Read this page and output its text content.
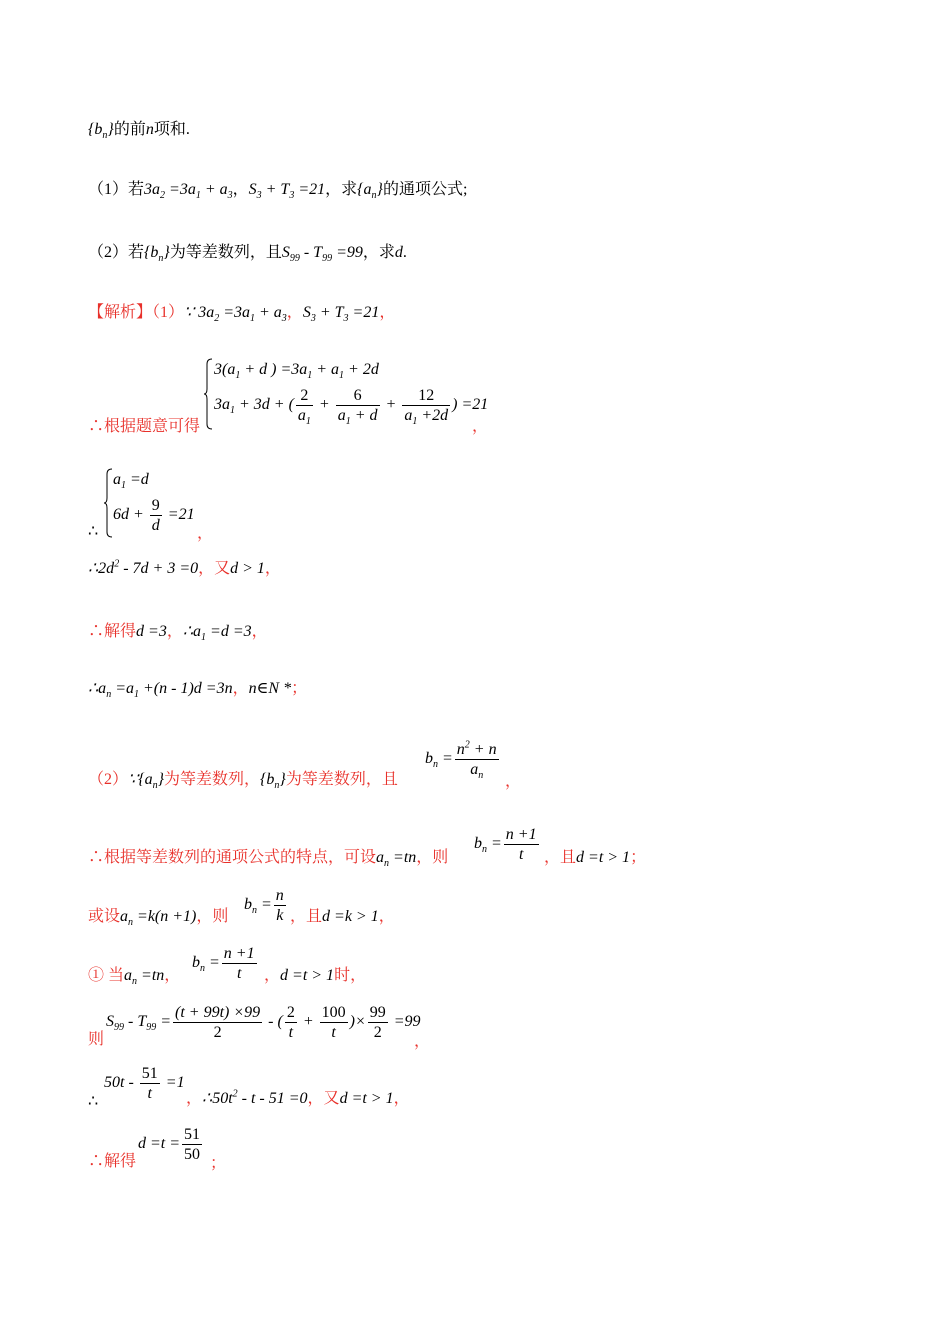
$\{b_n\}$的前n项和.
（1）若$3a_2 =3a_1 + a_3$，$S_3 + T_3 =21$，求$\{a_n\}$的通项公式;
（2）若$\{b_n\}$为等差数列，且$S_{99} - T_{99} =99$，求d.
【解析】（1）∵ $3a_2 =3a_1 + a_3$，$S_3 + T_3 =21$，
∴根据题意可得
$3(a_1 + d$ ) $=3a_1 + a_1 + 2d$
$3a_1 + 3d$ + ( $\frac{2}{a_1} + \frac{6}{a_1 + d} + \frac{12}{a_1 +2d}$ ) =21
，
∴
$a_1 =d$
$6d + \frac{9}{d} =21$
，
$\therefore 2d^2 - 7d + 3 =0$，又d > 1，
∴解得d =3，$\therefore a_1 =d =3$，
$\therefore a_n =a_1 +(n - 1)d =3n$，n∈N *；
$(2)\because\{a_n\}$为等差数列，$\{b_n\}$为等差数列，且
$b_n = \frac{n^2 + n}{a_n}$
，
∴根据等差数列的通项公式的特点，可设$a_n =tn$，则
$b_n = \frac{n +1}{t}$ ，且d =t > 1；
或设$a_n =k(n +1)$，则
$b_n = \frac{n}{k}$ ，且d =k > 1，
① 当$a_n =tn$，
$b_n = \frac{n +1}{t}$ ，d =t > 1时，
则
$S_{99} - T_{99} = \frac{(t + 99t) \times 99}{2}$ - ( $\frac{2}{t} + \frac{100}{t}$ )× $\frac{99}{2} =99$
，
∴
$50t - \frac{51}{t} =1$
，$\therefore 50t^2 - t - 51 =0$，又d =t > 1，
∴解得
$d =t = \frac{51}{50}$ ；
